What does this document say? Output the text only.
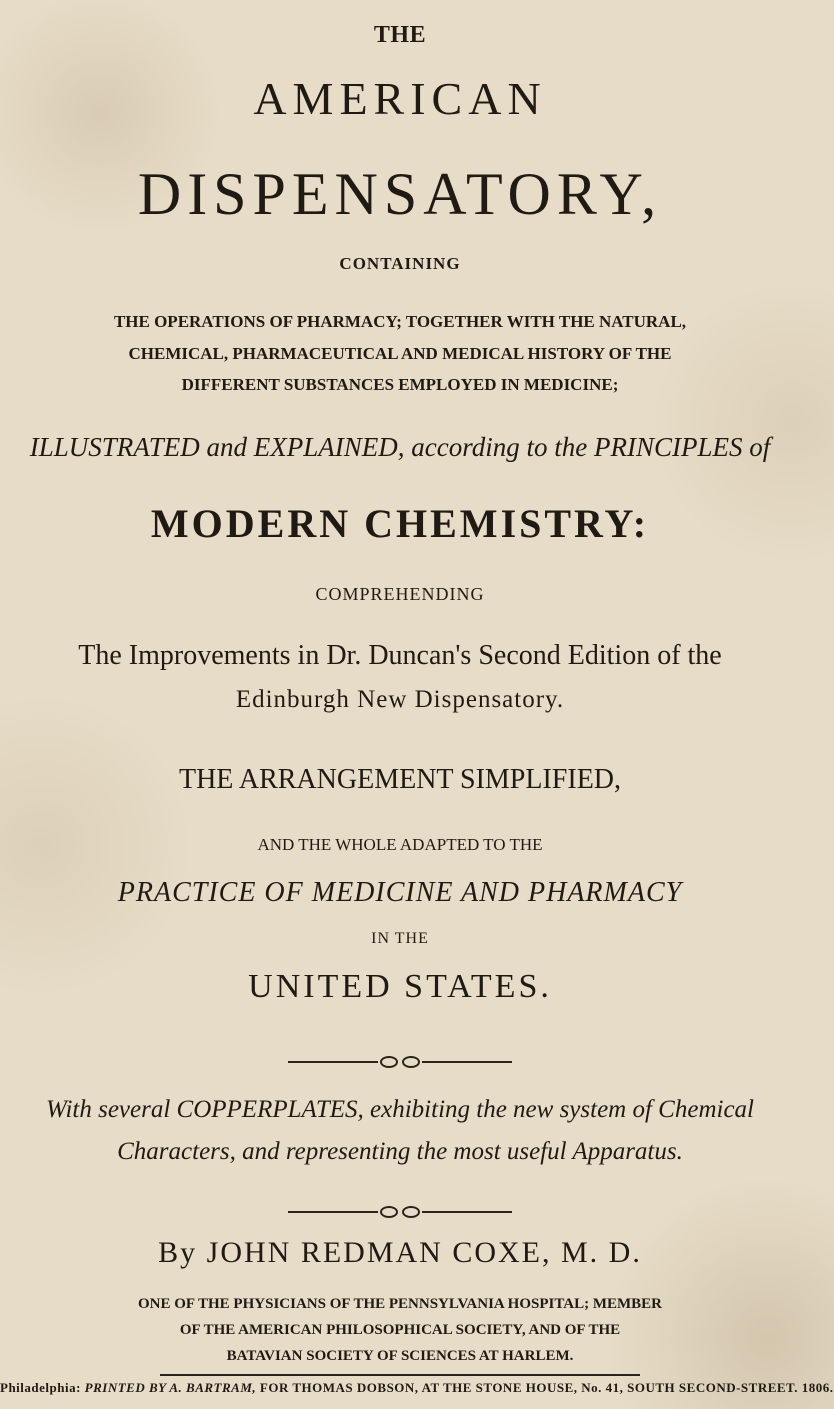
THE
AMERICAN
DISPENSATORY,
CONTAINING
THE OPERATIONS OF PHARMACY; TOGETHER WITH THE NATURAL,
CHEMICAL, PHARMACEUTICAL AND MEDICAL HISTORY OF THE
DIFFERENT SUBSTANCES EMPLOYED IN MEDICINE;
ILLUSTRATED and EXPLAINED, according to the PRINCIPLES of
MODERN CHEMISTRY:
COMPREHENDING
The Improvements in Dr. Duncan's Second Edition of the
Edinburgh New Dispensatory.
THE ARRANGEMENT SIMPLIFIED,
AND THE WHOLE ADAPTED TO THE
PRACTICE OF MEDICINE AND PHARMACY
IN THE
UNITED STATES.
With several COPPERPLATES, exhibiting the new system of Chemical
Characters, and representing the most useful Apparatus.
By JOHN REDMAN COXE, M. D.
ONE OF THE PHYSICIANS OF THE PENNSYLVANIA HOSPITAL; MEMBER
OF THE AMERICAN PHILOSOPHICAL SOCIETY, AND OF THE
BATAVIAN SOCIETY OF SCIENCES AT HARLEM.
Philadelphia: PRINTED BY A. BARTRAM, FOR THOMAS DOBSON, AT THE STONE HOUSE, No. 41, SOUTH SECOND-STREET. 1806.
